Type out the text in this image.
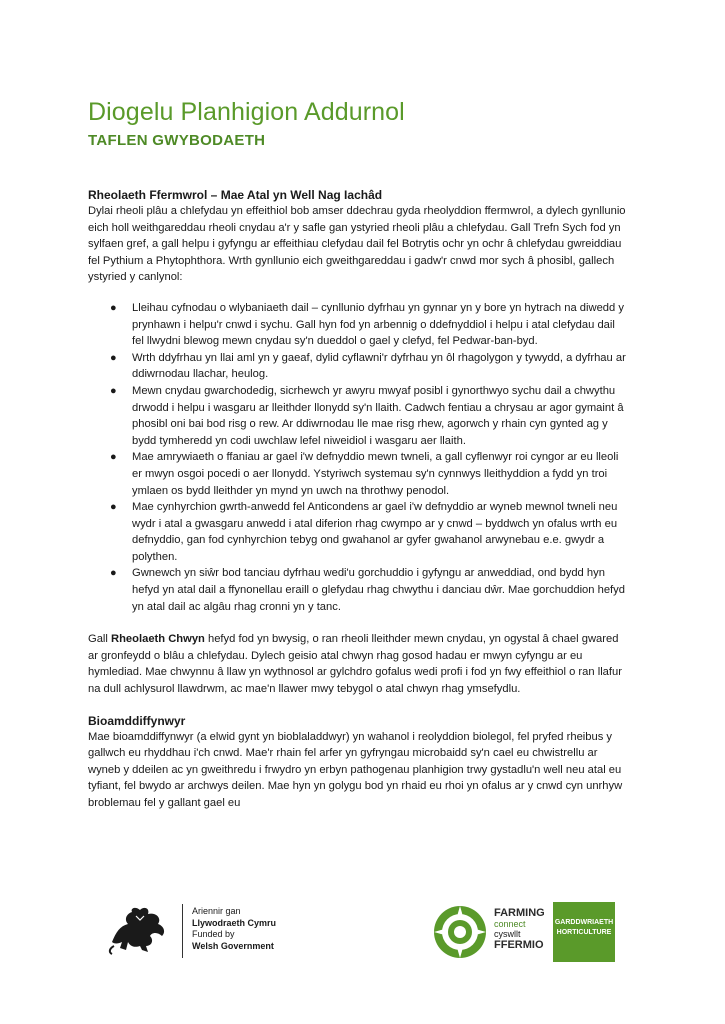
Diogelu Planhigion Addurnol
TAFLEN GWYBODAETH
Rheolaeth Ffermwrol – Mae Atal yn Well Nag Iachâd

Dylai rheoli plâu a chlefydau yn effeithiol bob amser ddechrau gyda rheolyddion ffermwrol, a dylech gynllunio eich holl weithgareddau rheoli cnydau a'r y safle gan ystyried rheoli plâu a chlefydau. Gall Trefn Sych fod yn sylfaen gref, a gall helpu i gyfyngu ar effeithiau clefydau dail fel Botrytis ochr yn ochr â chlefydau gwreiddiau fel Pythium a Phytophthora. Wrth gynllunio eich gweithgareddau i gadw'r cnwd mor sych â phosibl, gallech ystyried y canlynol:

● Lleihau cyfnodau o wlybaniaeth dail – cynllunio dyfrhau yn gynnar yn y bore yn hytrach na diwedd y prynhawn i helpu'r cnwd i sychu. Gall hyn fod yn arbennig o ddefnyddiol i helpu i atal clefydau dail fel llwydni blewog mewn cnydau sy'n dueddol o gael y clefyd, fel Pedwar-ban-byd.
● Wrth ddyfrhau yn llai aml yn y gaeaf, dylid cyflawni'r dyfrhau yn ôl rhagolygon y tywydd, a dyfrhau ar ddiwrnodau llachar, heulog.
● Mewn cnydau gwarchodedig, sicrhewch yr awyru mwyaf posibl i gynorthwyo sychu dail a chwythu drwodd i helpu i wasgaru ar lleithder llonydd sy'n llaith. Cadwch fentiau a chrysau ar agor gymaint â phosibl oni bai bod risg o rew. Ar ddiwrnodau lle mae risg rhew, agorwch y rhain cyn gynted ag y bydd tymheredd yn codi uwchlaw lefel niweidiol i wasgaru aer llaith.
● Mae amrywiaeth o ffaniau ar gael i'w defnyddio mewn twneli, a gall cyflenwyr roi cyngor ar eu lleoli er mwyn osgoi pocedi o aer llonydd. Ystyriwch systemau sy'n cynnwys lleithyddion a fydd yn troi ymlaen os bydd lleithder yn mynd yn uwch na throthwy penodol.
● Mae cynhyrchion gwrth-anwedd fel Anticondens ar gael i'w defnyddio ar wyneb mewnol twneli neu wydr i atal a gwasgaru anwedd i atal diferion rhag cwympo ar y cnwd – byddwch yn ofalus wrth eu defnyddio, gan fod cynhyrchion tebyg ond gwahanol ar gyfer gwahanol arwynebau e.e. gwydr a polythen.
● Gwnewch yn siŵr bod tanciau dyfrhau wedi'u gorchuddio i gyfyngu ar anweddiad, ond bydd hyn hefyd yn atal dail a ffynonellau eraill o glefydau rhag chwythu i danciau dŵr. Mae gorchuddion hefyd yn atal dail ac algâu rhag cronni yn y tanc.

Gall Rheolaeth Chwyn hefyd fod yn bwysig, o ran rheoli lleithder mewn cnydau, yn ogystal â chael gwared ar gronfeydd o blâu a chlefydau. Dylech geisio atal chwyn rhag gosod hadau er mwyn cyfyngu ar eu hymlediad. Mae chwynnu â llaw yn wythnosol ar gylchdro gofalus wedi profi i fod yn fwy effeithiol o ran llafur na dull achlysurol llawdrwm, ac mae'n llawer mwy tebygol o atal chwyn rhag ymsefydlu.

Bioamddiffynwyr

Mae bioamddiffynwyr (a elwid gynt yn bioblaladdwyr) yn wahanol i reolyddion biolegol, fel pryfed rheibus y gallwch eu rhyddhau i'ch cnwd. Mae'r rhain fel arfer yn gyfryngau microbaidd sy'n cael eu chwistrellu ar wyneb y ddeilen ac yn gweithredu i frwydro yn erbyn pathogenau planhigion trwy gystadlu'n well neu atal eu tyfiant, fel bwydo ar archwys deilen. Mae hyn yn golygu bod yn rhaid eu rhoi yn ofalus ar y cnwd cyn unrhyw broblemau fel y gallant gael eu

Ariennir gan
Llywodraeth Cymru
Funded by
Welsh Government
FARMING
connect
cyswllt
FFERMIO
GARDDWRIAETH
HORTICULTURE
